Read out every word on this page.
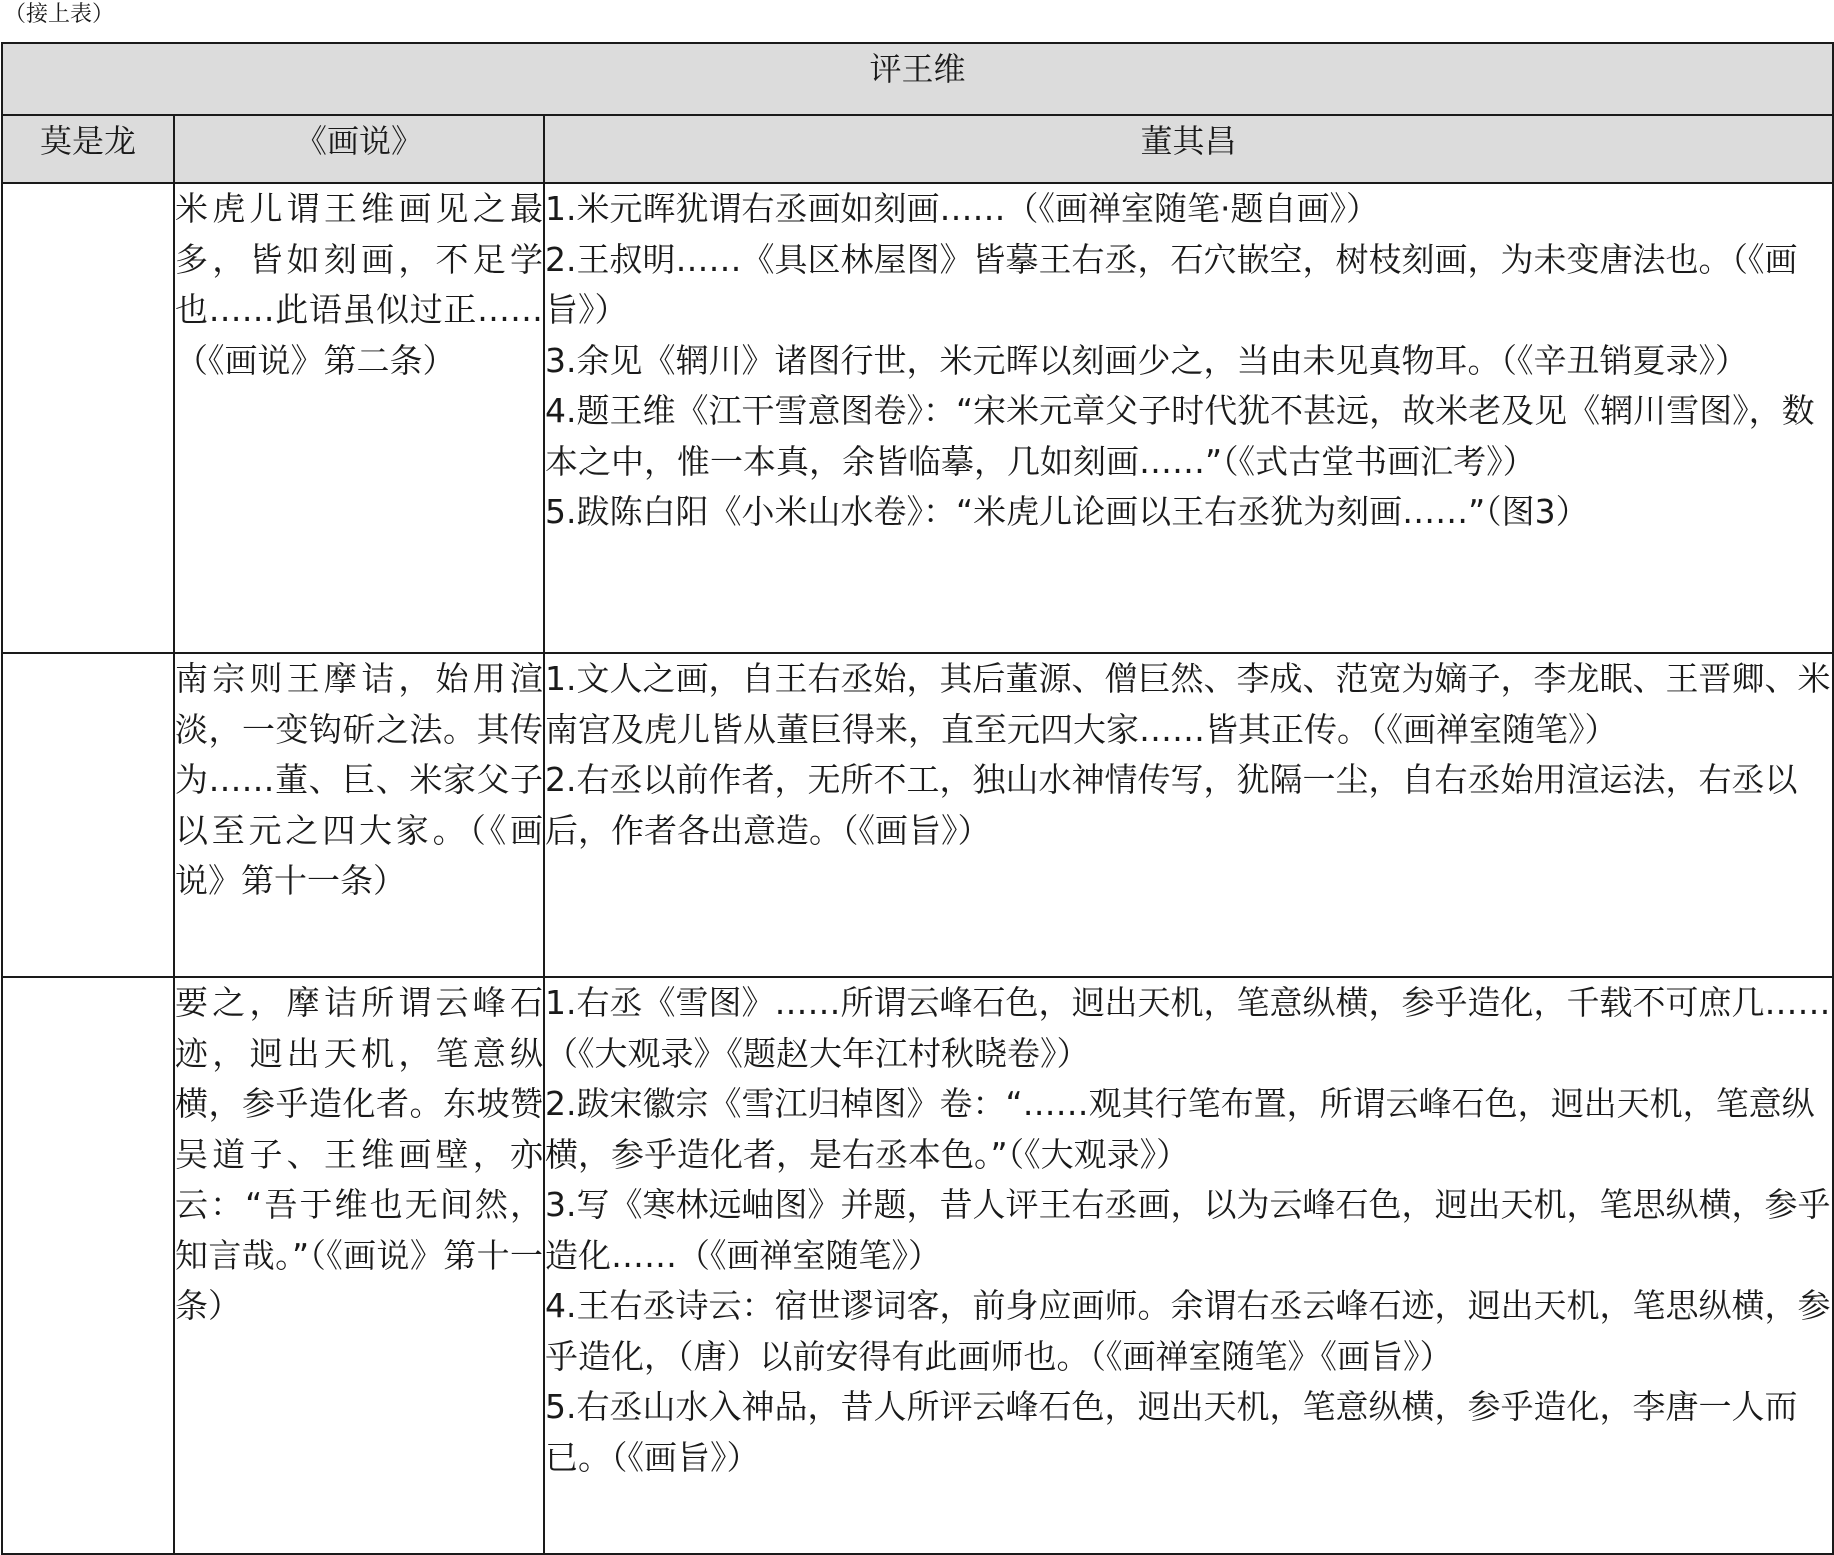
（接上表）
评王维		
莫是龙	《画说》	董其昌
	米虎儿谓王维画见之最多，皆如刻画，不足学也……此语虽似过正……（《画说》第二条）	1.米元晖犹谓右丞画如刻画……（《画禅室随笔·题自画》）

2.王叔明……《具区林屋图》皆摹王右丞，石穴嵌空，树枝刻画，为未变唐法也。（《画旨》）

3.余见《辋川》诸图行世，米元晖以刻画少之，当由未见真物耳。（《辛丑销夏录》）

4.题王维《江干雪意图卷》：“宋米元章父子时代犹不甚远，故米老及见《辋川雪图》，数本之中，惟一本真，余皆临摹，几如刻画……”（《式古堂书画汇考》）

5.跋陈白阳《小米山水卷》：“米虎儿论画以王右丞犹为刻画……”（图3）

	南宗则王摩诘，始用渲淡，一变钩斫之法。其传为……董、巨、米家父子以至元之四大家。（《画说》第十一条）	1.文人之画，自王右丞始，其后董源、僧巨然、李成、范宽为嫡子，李龙眠、王晋卿、米南宫及虎儿皆从董巨得来，直至元四大家……皆其正传。（《画禅室随笔》）

2.右丞以前作者，无所不工，独山水神情传写，犹隔一尘，自右丞始用渲运法，右丞以后，作者各出意造。（《画旨》）

	要之，摩诘所谓云峰石迹，迥出天机，笔意纵横，参乎造化者。东坡赞吴道子、王维画壁，亦云：“吾于维也无间然，知言哉。”（《画说》第十一条）	1.右丞《雪图》……所谓云峰石色，迥出天机，笔意纵横，参乎造化，千载不可庶几……（《大观录》《题赵大年江村秋晓卷》）

2.跋宋徽宗《雪江归棹图》卷：“……观其行笔布置，所谓云峰石色，迥出天机，笔意纵横，参乎造化者，是右丞本色。”（《大观录》）

3.写《寒林远岫图》并题，昔人评王右丞画，以为云峰石色，迥出天机，笔思纵横，参乎造化……（《画禅室随笔》）

4.王右丞诗云：宿世谬词客，前身应画师。余谓右丞云峰石迹，迥出天机，笔思纵横，参乎造化，（唐）以前安得有此画师也。（《画禅室随笔》《画旨》）

5.右丞山水入神品，昔人所评云峰石色，迥出天机，笔意纵横，参乎造化，李唐一人而已。（《画旨》）
